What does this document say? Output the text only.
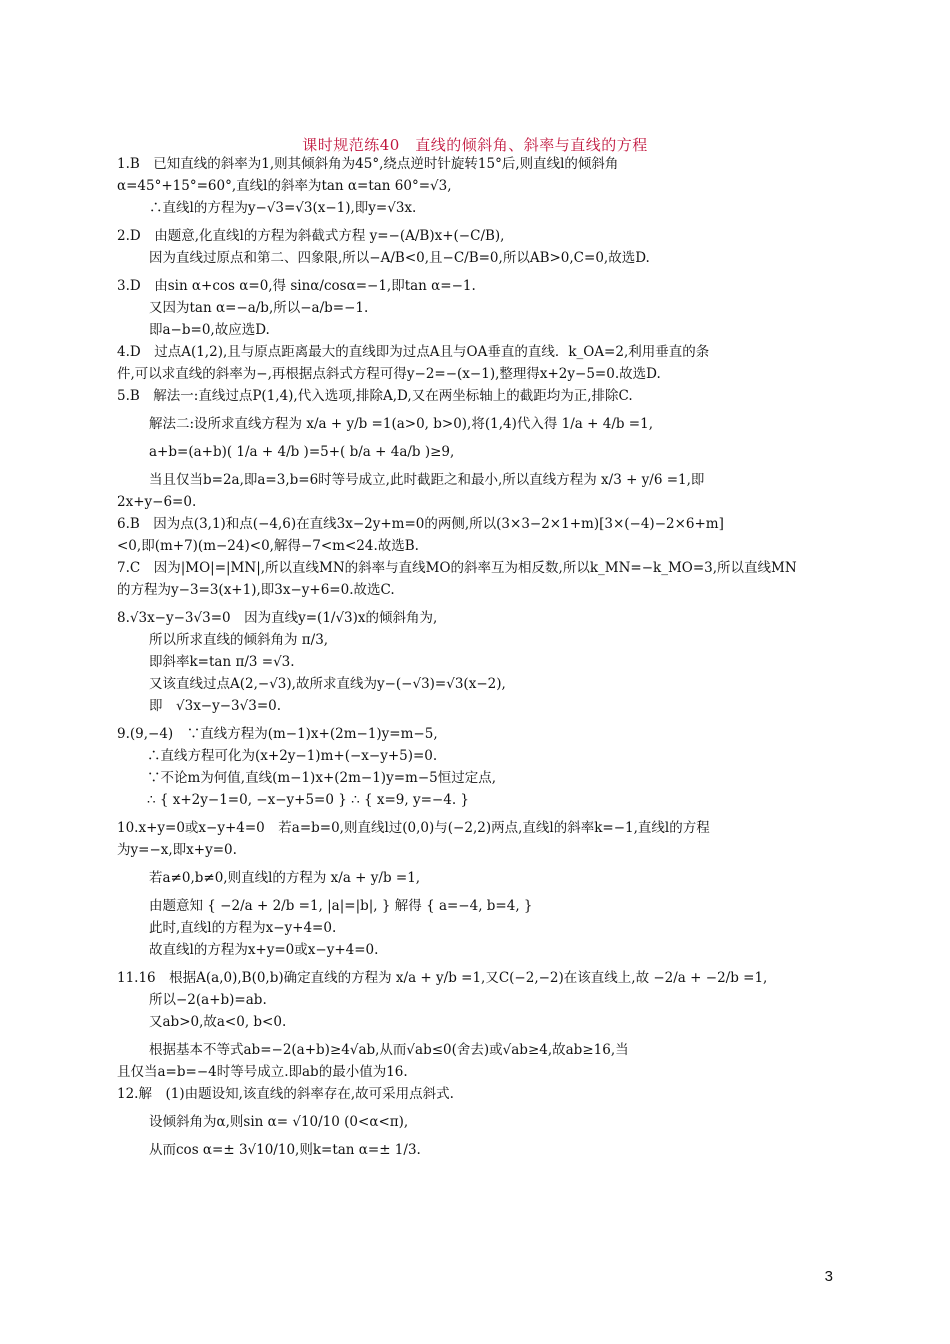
课时规范练40　直线的倾斜角、斜率与直线的方程
1.B　已知直线的斜率为1,则其倾斜角为45°,绕点逆时针旋转15°后,则直线l的倾斜角
α=45°+15°=60°,直线l的斜率为tan α=tan 60°=√3,
∴直线l的方程为y−√3=√3(x−1),即y=√3x.
2.D　由题意,化直线l的方程为斜截式方程 y=−(A/B)x+(−C/B),
因为直线过原点和第二、四象限,所以−A/B<0,且−C/B=0,所以AB>0,C=0,故选D.
3.D　由sin α+cos α=0,得 sinα/cosα=−1,即tan α=−1.
又因为tan α=−a/b,所以−a/b=−1.
即a−b=0,故应选D.
4.D　过点A(1,2),且与原点距离最大的直线即为过点A且与OA垂直的直线．k_OA=2,利用垂直的条
件,可以求直线的斜率为−,再根据点斜式方程可得y−2=−(x−1),整理得x+2y−5=0.故选D.
5.B　解法一:直线过点P(1,4),代入选项,排除A,D,又在两坐标轴上的截距均为正,排除C.
解法二:设所求直线方程为 x/a + y/b =1(a>0, b>0),将(1,4)代入得 1/a + 4/b =1,
a+b=(a+b)( 1/a + 4/b )=5+( b/a + 4a/b )≥9,
当且仅当b=2a,即a=3,b=6时等号成立,此时截距之和最小,所以直线方程为 x/3 + y/6 =1,即
2x+y−6=0.
6.B　因为点(3,1)和点(−4,6)在直线3x−2y+m=0的两侧,所以(3×3−2×1+m)[3×(−4)−2×6+m]
<0,即(m+7)(m−24)<0,解得−7<m<24.故选B.
7.C　因为|MO|=|MN|,所以直线MN的斜率与直线MO的斜率互为相反数,所以k_MN=−k_MO=3,所以直线MN
的方程为y−3=3(x+1),即3x−y+6=0.故选C.
8.√3x−y−3√3=0　因为直线y=(1/√3)x的倾斜角为,
所以所求直线的倾斜角为 π/3,
即斜率k=tan π/3 =√3.
又该直线过点A(2,−√3),故所求直线为y−(−√3)=√3(x−2),
即　√3x−y−3√3=0.
9.(9,−4)　∵直线方程为(m−1)x+(2m−1)y=m−5,
∴直线方程可化为(x+2y−1)m+(−x−y+5)=0.
∵不论m为何值,直线(m−1)x+(2m−1)y=m−5恒过定点,
∴ { x+2y−1=0, −x−y+5=0 } ∴ { x=9, y=−4. }
10.x+y=0或x−y+4=0　若a=b=0,则直线l过(0,0)与(−2,2)两点,直线l的斜率k=−1,直线l的方程
为y=−x,即x+y=0.
若a≠0,b≠0,则直线l的方程为 x/a + y/b =1,
由题意知 { −2/a + 2/b =1, |a|=|b|, } 解得 { a=−4, b=4, }
此时,直线l的方程为x−y+4=0.
故直线l的方程为x+y=0或x−y+4=0.
11.16　根据A(a,0),B(0,b)确定直线的方程为 x/a + y/b =1,又C(−2,−2)在该直线上,故 −2/a + −2/b =1,
所以−2(a+b)=ab.
又ab>0,故a<0, b<0.
根据基本不等式ab=−2(a+b)≥4√ab,从而√ab≤0(舍去)或√ab≥4,故ab≥16,当
且仅当a=b=−4时等号成立.即ab的最小值为16.
12.解　(1)由题设知,该直线的斜率存在,故可采用点斜式.
设倾斜角为α,则sin α= √10/10 (0<α<π),
从而cos α=± 3√10/10,则k=tan α=± 1/3.
3
